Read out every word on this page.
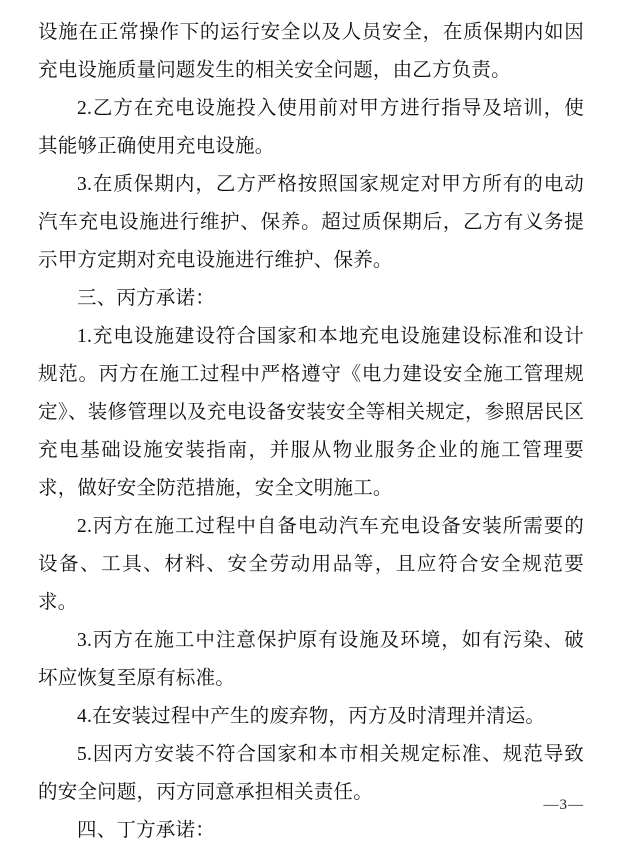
设施在正常操作下的运行安全以及人员安全，在质保期内如因充电设施质量问题发生的相关安全问题，由乙方负责。

2.乙方在充电设施投入使用前对甲方进行指导及培训，使其能够正确使用充电设施。

3.在质保期内，乙方严格按照国家规定对甲方所有的电动汽车充电设施进行维护、保养。超过质保期后，乙方有义务提示甲方定期对充电设施进行维护、保养。

三、丙方承诺：

1.充电设施建设符合国家和本地充电设施建设标准和设计规范。丙方在施工过程中严格遵守《电力建设安全施工管理规定》、装修管理以及充电设备安装安全等相关规定，参照居民区充电基础设施安装指南，并服从物业服务企业的施工管理要求，做好安全防范措施，安全文明施工。

2.丙方在施工过程中自备电动汽车充电设备安装所需要的设备、工具、材料、安全劳动用品等，且应符合安全规范要求。

3.丙方在施工中注意保护原有设施及环境，如有污染、破坏应恢复至原有标准。

4.在安装过程中产生的废弃物，丙方及时清理并清运。

5.因丙方安装不符合国家和本市相关规定标准、规范导致的安全问题，丙方同意承担相关责任。

四、丁方承诺：

—3—
